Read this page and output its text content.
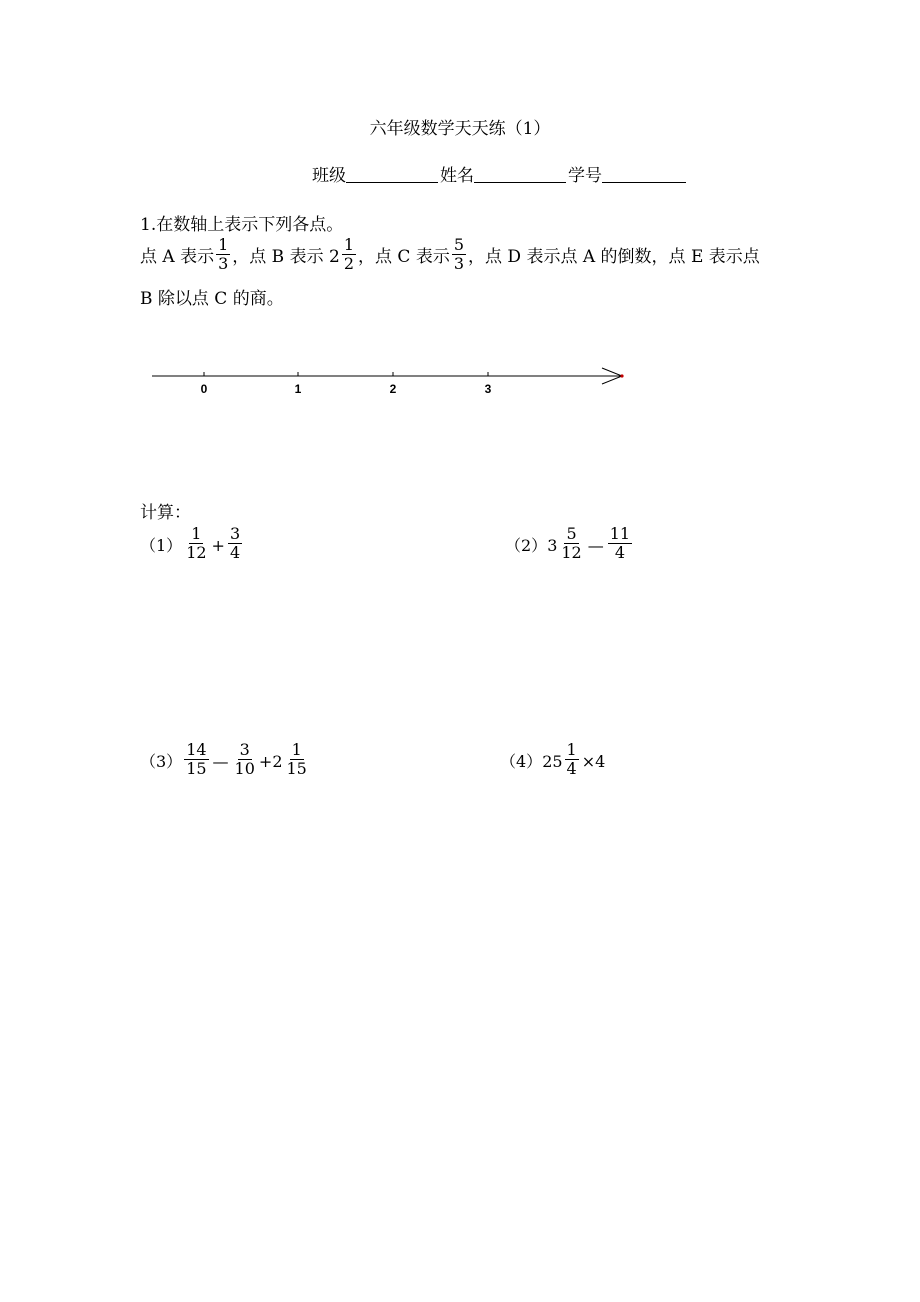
六年级数学天天练（1）
班级	姓名	学号
1.在数轴上表示下列各点。
点 A 表示 $\frac{1}{3}$ ，点 B 表示 $2 \frac{1}{2}$ ，点 C 表示 $\frac{5}{3}$ ，点 D 表示点 A 的倒数，点 E 表示点
B 除以点 C 的商。
0	1	2	3
计算：
$(1) \frac{1}{12} + \frac{3}{4}$	$(2)3 \frac{5}{12}$ — $\frac{11}{4}$
$(3) \frac{14}{15}$ — $\frac{3}{10} +2 \frac{1}{15}$	$(4)25 \frac{1}{4} \times 4$
